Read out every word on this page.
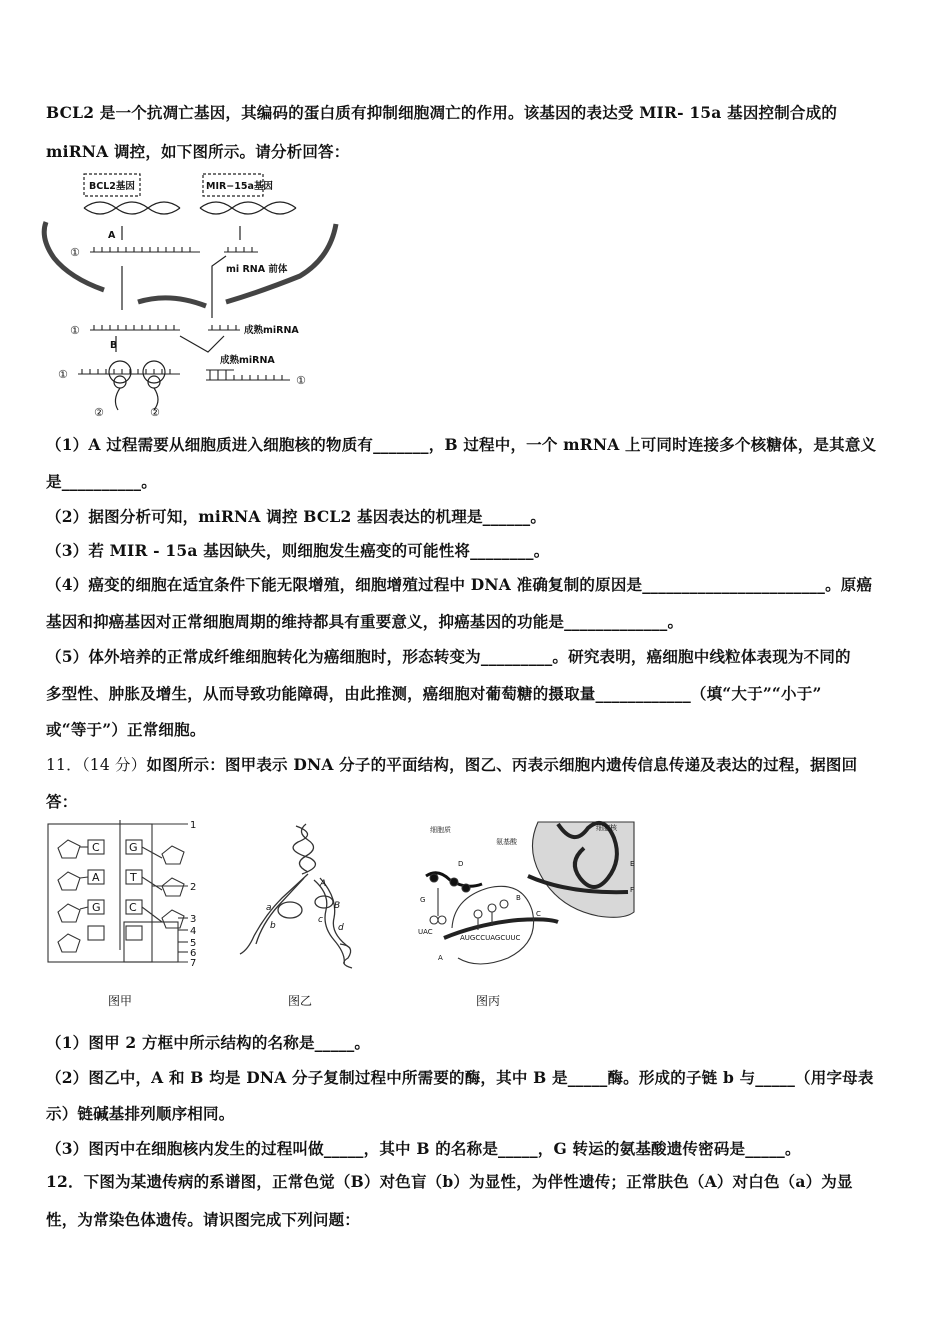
BCL2 是一个抗凋亡基因，其编码的蛋白质有抑制细胞凋亡的作用。该基因的表达受 MIR- 15a 基因控制合成的
miRNA 调控，如下图所示。请分析回答：
BCL2基因	MIR−15a基因
A
B
mi RNA 前体
成熟miRNA
成熟miRNA
①
①
①	①
②	②
（1）A 过程需要从细胞质进入细胞核的物质有_______，B 过程中，一个 mRNA 上可同时连接多个核糖体，是其意义
是__________。
（2）据图分析可知，miRNA 调控 BCL2 基因表达的机理是______。
（3）若 MIR - 15a 基因缺失，则细胞发生癌变的可能性将________。
（4）癌变的细胞在适宜条件下能无限增殖，细胞增殖过程中 DNA 准确复制的原因是_______________________。原癌
基因和抑癌基因对正常细胞周期的维持都具有重要意义，抑癌基因的功能是_____________。
（5）体外培养的正常成纤维细胞转化为癌细胞时，形态转变为_________。研究表明，癌细胞中线粒体表现为不同的
多型性、肿胀及增生，从而导致功能障碍，由此推测，癌细胞对葡萄糖的摄取量____________（填“大于”“小于”
或“等于”）正常细胞。
11．（14 分）如图所示：图甲表示 DNA 分子的平面结构，图乙、丙表示细胞内遗传信息传递及表达的过程，据图回
答：
C	G
A	T
G	C
1
2
3
4
5
6
7
图甲
A
B
a
b
c
d
图乙
细胞质
氨基酸
细胞核
D
G	B
C
E
F
A
UAC
AUGCCUAGCUUC
图丙
（1）图甲 2 方框中所示结构的名称是_____。
（2）图乙中，A 和 B 均是 DNA 分子复制过程中所需要的酶，其中 B 是_____酶。形成的子链 b 与_____（用字母表
示）链碱基排列顺序相同。
（3）图丙中在细胞核内发生的过程叫做_____，其中 B 的名称是_____，G 转运的氨基酸遗传密码是_____。
12．下图为某遗传病的系谱图，正常色觉（B）对色盲（b）为显性，为伴性遗传；正常肤色（A）对白色（a）为显
性，为常染色体遗传。请识图完成下列问题：
